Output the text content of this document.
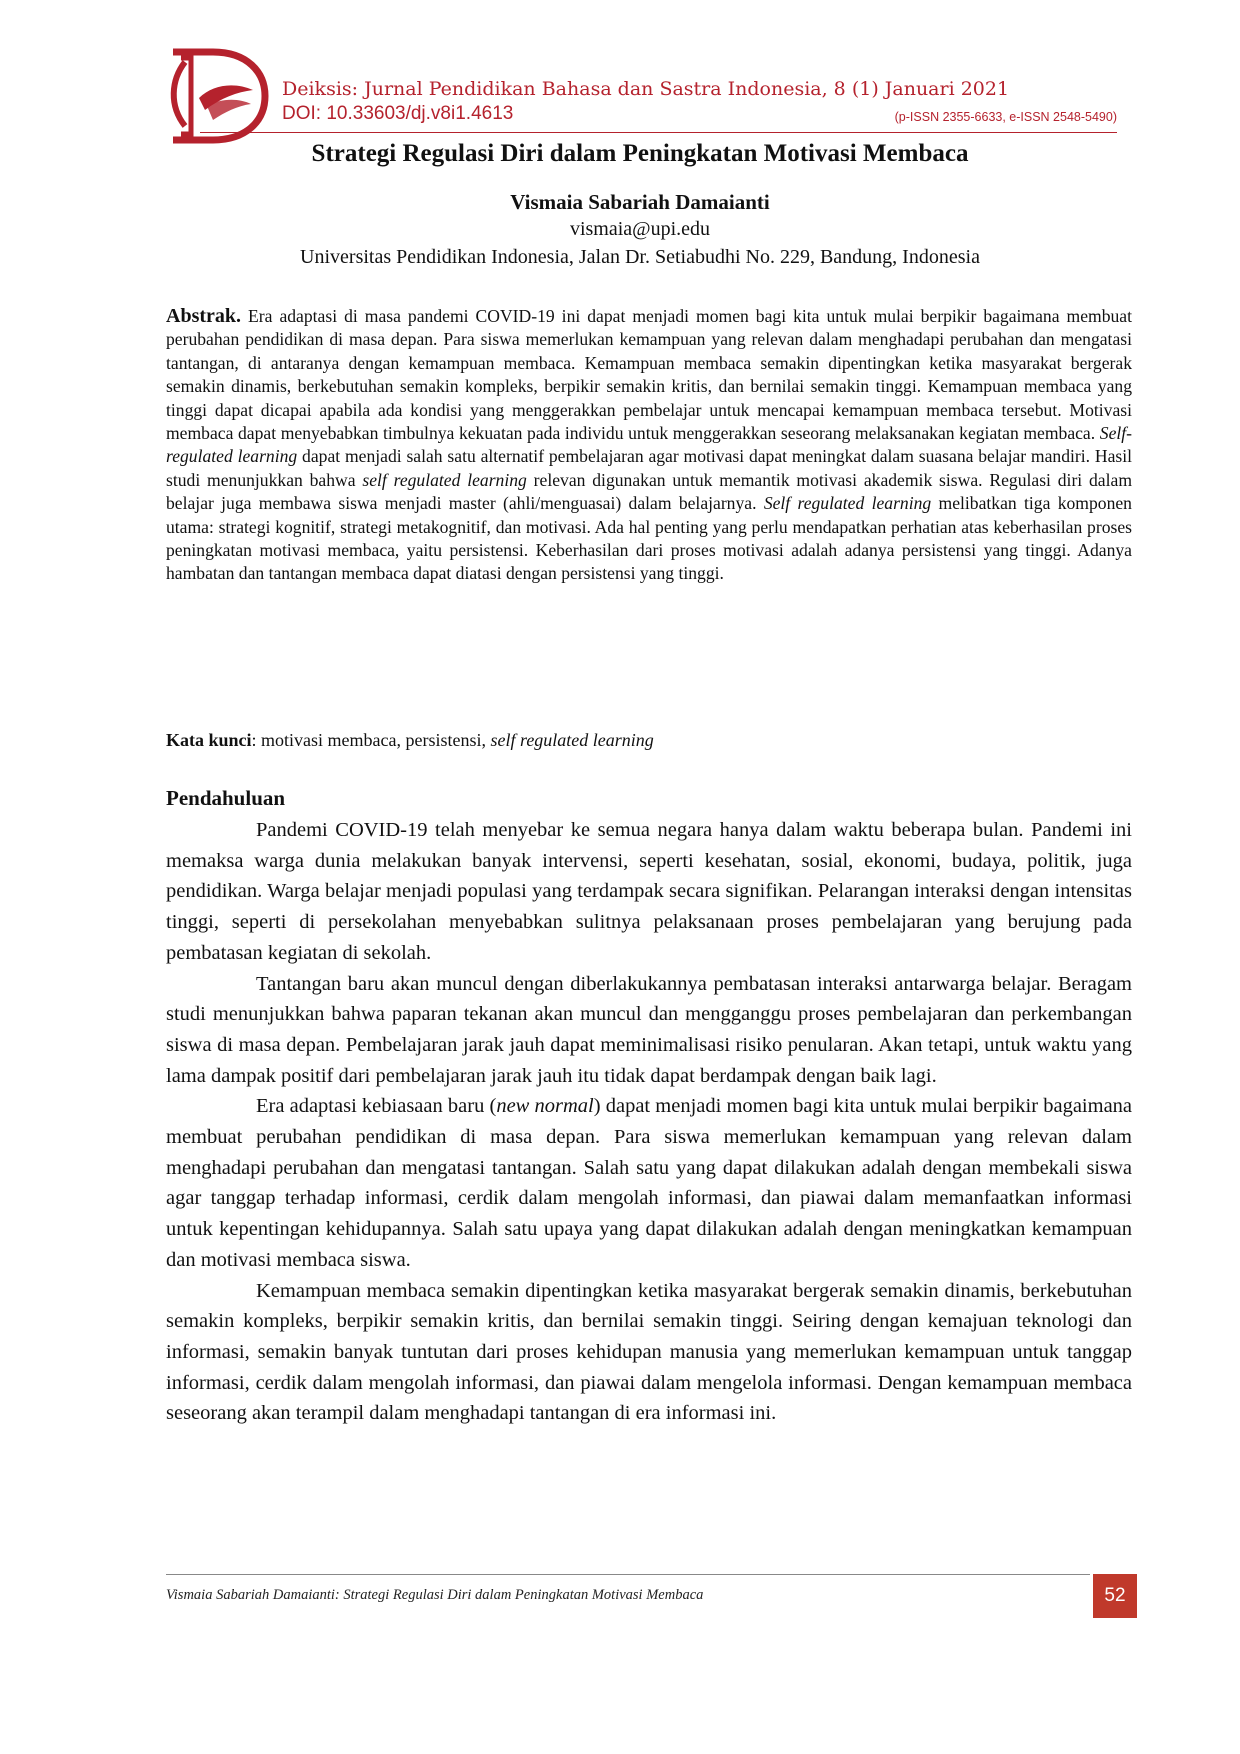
Deiksis: Jurnal Pendidikan Bahasa dan Sastra Indonesia, 8 (1) Januari 2021
DOI: 10.33603/dj.v8i1.4613	(p-ISSN 2355-6633, e-ISSN 2548-5490)
Strategi Regulasi Diri dalam Peningkatan Motivasi Membaca
Vismaia Sabariah Damaianti
vismaia@upi.edu
Universitas Pendidikan Indonesia, Jalan Dr. Setiabudhi No. 229, Bandung, Indonesia

Abstrak. Era adaptasi di masa pandemi COVID-19 ini dapat menjadi momen bagi kita untuk mulai berpikir bagaimana membuat perubahan pendidikan di masa depan. Para siswa memerlukan kemampuan yang relevan dalam menghadapi perubahan dan mengatasi tantangan, di antaranya dengan kemampuan membaca. Kemampuan membaca semakin dipentingkan ketika masyarakat bergerak semakin dinamis, berkebutuhan semakin kompleks, berpikir semakin kritis, dan bernilai semakin tinggi. Kemampuan membaca yang tinggi dapat dicapai apabila ada kondisi yang menggerakkan pembelajar untuk mencapai kemampuan membaca tersebut. Motivasi membaca dapat menyebabkan timbulnya kekuatan pada individu untuk menggerakkan seseorang melaksanakan kegiatan membaca. Self-regulated learning dapat menjadi salah satu alternatif pembelajaran agar motivasi dapat meningkat dalam suasana belajar mandiri. Hasil studi menunjukkan bahwa self regulated learning relevan digunakan untuk memantik motivasi akademik siswa. Regulasi diri dalam belajar juga membawa siswa menjadi master (ahli/menguasai) dalam belajarnya. Self regulated learning melibatkan tiga komponen utama: strategi kognitif, strategi metakognitif, dan motivasi. Ada hal penting yang perlu mendapatkan perhatian atas keberhasilan proses peningkatan motivasi membaca, yaitu persistensi. Keberhasilan dari proses motivasi adalah adanya persistensi yang tinggi. Adanya hambatan dan tantangan membaca dapat diatasi dengan persistensi yang tinggi.

Kata kunci: motivasi membaca, persistensi, self regulated learning

Pendahuluan

Pandemi COVID-19 telah menyebar ke semua negara hanya dalam waktu beberapa bulan. Pandemi ini memaksa warga dunia melakukan banyak intervensi, seperti kesehatan, sosial, ekonomi, budaya, politik, juga pendidikan. Warga belajar menjadi populasi yang terdampak secara signifikan. Pelarangan interaksi dengan intensitas tinggi, seperti di persekolahan menyebabkan sulitnya pelaksanaan proses pembelajaran yang berujung pada pembatasan kegiatan di sekolah.

Tantangan baru akan muncul dengan diberlakukannya pembatasan interaksi antarwarga belajar. Beragam studi menunjukkan bahwa paparan tekanan akan muncul dan mengganggu proses pembelajaran dan perkembangan siswa di masa depan. Pembelajaran jarak jauh dapat meminimalisasi risiko penularan. Akan tetapi, untuk waktu yang lama dampak positif dari pembelajaran jarak jauh itu tidak dapat berdampak dengan baik lagi.

Era adaptasi kebiasaan baru (new normal) dapat menjadi momen bagi kita untuk mulai berpikir bagaimana membuat perubahan pendidikan di masa depan. Para siswa memerlukan kemampuan yang relevan dalam menghadapi perubahan dan mengatasi tantangan. Salah satu yang dapat dilakukan adalah dengan membekali siswa agar tanggap terhadap informasi, cerdik dalam mengolah informasi, dan piawai dalam memanfaatkan informasi untuk kepentingan kehidupannya. Salah satu upaya yang dapat dilakukan adalah dengan meningkatkan kemampuan dan motivasi membaca siswa.

Kemampuan membaca semakin dipentingkan ketika masyarakat bergerak semakin dinamis, berkebutuhan semakin kompleks, berpikir semakin kritis, dan bernilai semakin tinggi. Seiring dengan kemajuan teknologi dan informasi, semakin banyak tuntutan dari proses kehidupan manusia yang memerlukan kemampuan untuk tanggap informasi, cerdik dalam mengolah informasi, dan piawai dalam mengelola informasi. Dengan kemampuan membaca seseorang akan terampil dalam menghadapi tantangan di era informasi ini.

Vismaia Sabariah Damaianti: Strategi Regulasi Diri dalam Peningkatan Motivasi Membaca	52
